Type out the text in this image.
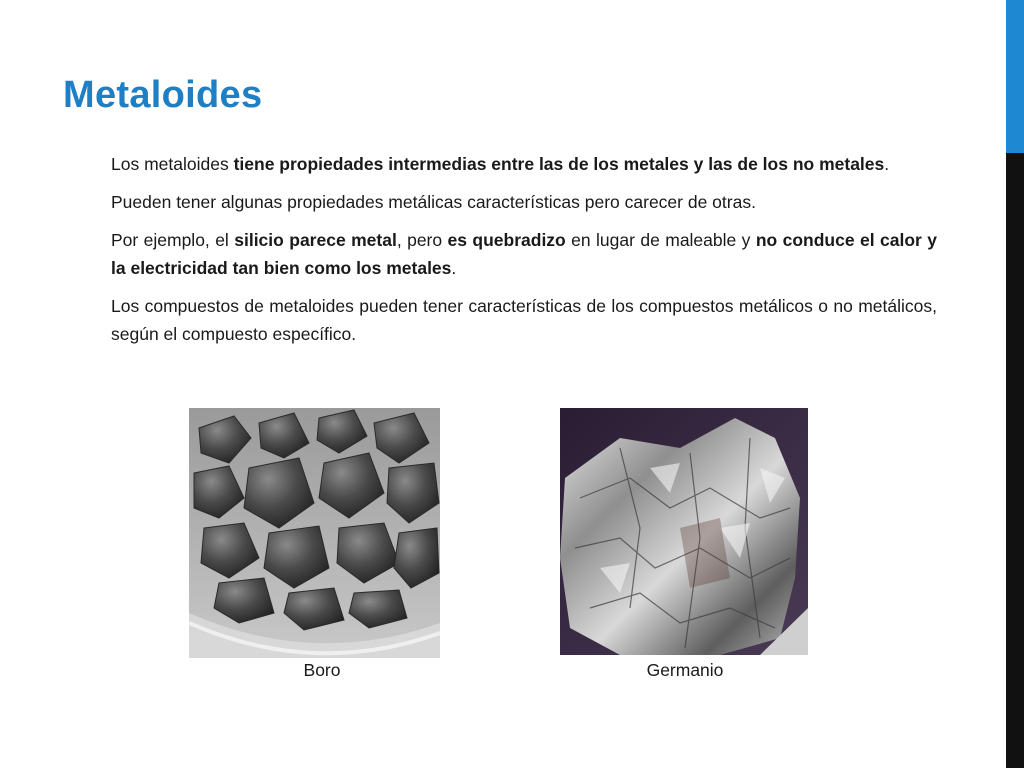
Metaloides

Los metaloides tiene propiedades intermedias entre las de los metales y las de los no metales.

Pueden tener algunas propiedades metálicas características pero carecer de otras.

Por ejemplo, el silicio parece metal, pero es quebradizo en lugar de maleable y no conduce el calor y la electricidad tan bien como los metales.

Los compuestos de metaloides pueden tener características de los compuestos metálicos o no metálicos, según el compuesto específico.

Boro	Germanio
